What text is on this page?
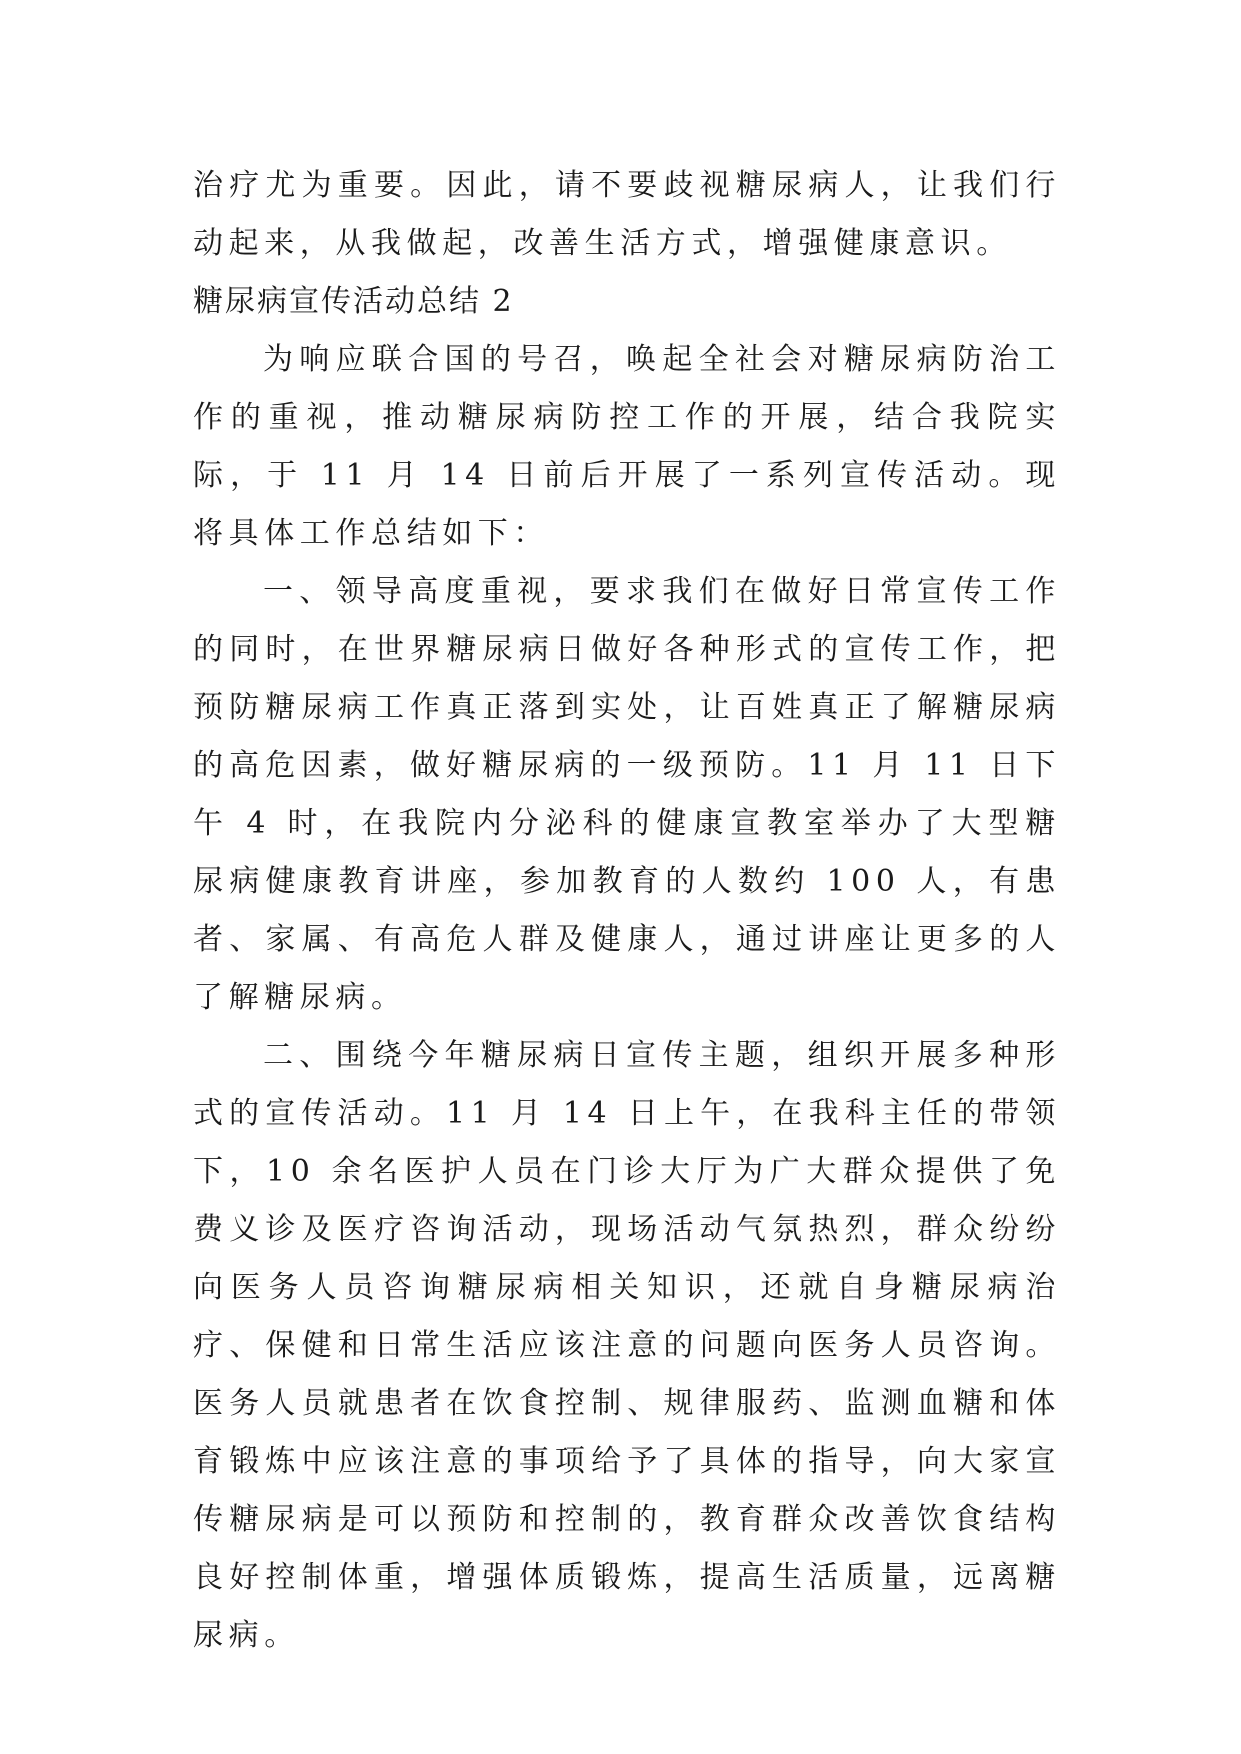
治疗尤为重要。因此，请不要歧视糖尿病人，让我们行动起来，从我做起，改善生活方式，增强健康意识。

糖尿病宣传活动总结 2

为响应联合国的号召，唤起全社会对糖尿病防治工作的重视，推动糖尿病防控工作的开展，结合我院实际，于 11 月 14 日前后开展了一系列宣传活动。现将具体工作总结如下：

一、领导高度重视，要求我们在做好日常宣传工作的同时，在世界糖尿病日做好各种形式的宣传工作，把预防糖尿病工作真正落到实处，让百姓真正了解糖尿病的高危因素，做好糖尿病的一级预防。11 月 11 日下午 4 时，在我院内分泌科的健康宣教室举办了大型糖尿病健康教育讲座，参加教育的人数约 100 人，有患者、家属、有高危人群及健康人，通过讲座让更多的人了解糖尿病。

二、围绕今年糖尿病日宣传主题，组织开展多种形式的宣传活动。11 月 14 日上午，在我科主任的带领下，10 余名医护人员在门诊大厅为广大群众提供了免费义诊及医疗咨询活动，现场活动气氛热烈，群众纷纷向医务人员咨询糖尿病相关知识，还就自身糖尿病治疗、保健和日常生活应该注意的问题向医务人员咨询。医务人员就患者在饮食控制、规律服药、监测血糖和体育锻炼中应该注意的事项给予了具体的指导，向大家宣传糖尿病是可以预防和控制的，教育群众改善饮食结构良好控制体重，增强体质锻炼，提高生活质量，远离糖尿病。
